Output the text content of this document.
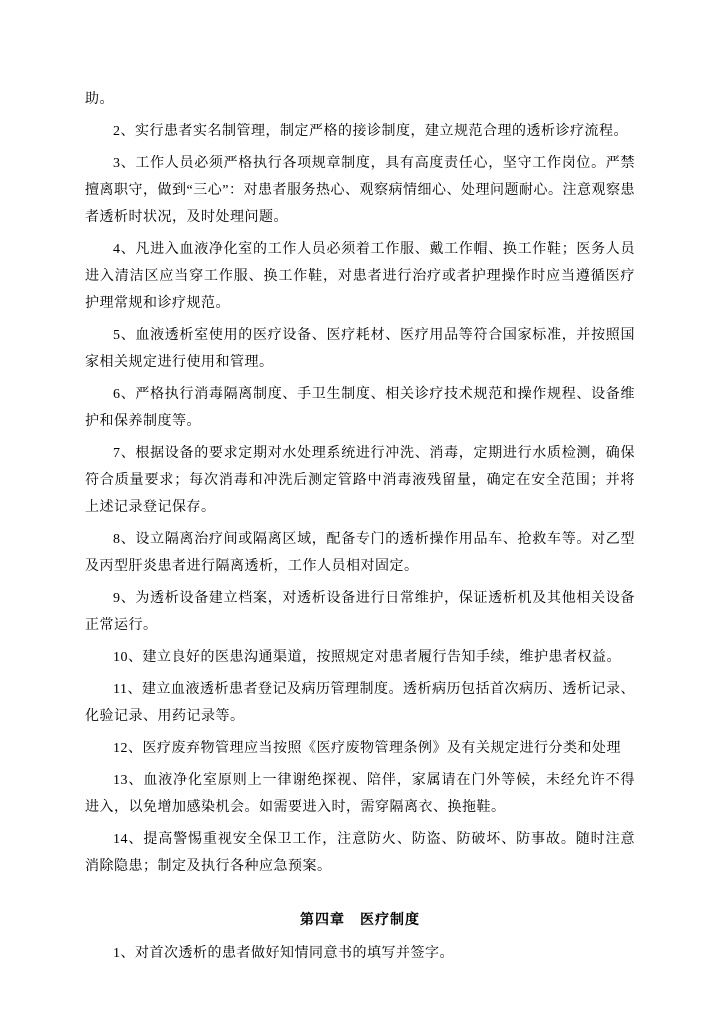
助。

2、实行患者实名制管理，制定严格的接诊制度，建立规范合理的透析诊疗流程。

3、工作人员必须严格执行各项规章制度，具有高度责任心，坚守工作岗位。严禁擅离职守，做到“三心”：对患者服务热心、观察病情细心、处理问题耐心。注意观察患者透析时状况，及时处理问题。

4、凡进入血液净化室的工作人员必须着工作服、戴工作帽、换工作鞋；医务人员进入清洁区应当穿工作服、换工作鞋，对患者进行治疗或者护理操作时应当遵循医疗护理常规和诊疗规范。

5、血液透析室使用的医疗设备、医疗耗材、医疗用品等符合国家标准，并按照国家相关规定进行使用和管理。

6、严格执行消毒隔离制度、手卫生制度、相关诊疗技术规范和操作规程、设备维护和保养制度等。

7、根据设备的要求定期对水处理系统进行冲洗、消毒，定期进行水质检测，确保符合质量要求；每次消毒和冲洗后测定管路中消毒液残留量，确定在安全范围；并将上述记录登记保存。

8、设立隔离治疗间或隔离区域，配备专门的透析操作用品车、抢救车等。对乙型及丙型肝炎患者进行隔离透析，工作人员相对固定。

9、为透析设备建立档案，对透析设备进行日常维护，保证透析机及其他相关设备正常运行。

10、建立良好的医患沟通渠道，按照规定对患者履行告知手续，维护患者权益。

11、建立血液透析患者登记及病历管理制度。透析病历包括首次病历、透析记录、化验记录、用药记录等。

12、医疗废弃物管理应当按照《医疗废物管理条例》及有关规定进行分类和处理

13、血液净化室原则上一律谢绝探视、陪伴，家属请在门外等候，未经允许不得进入，以免增加感染机会。如需要进入时，需穿隔离衣、换拖鞋。

14、提高警惕重视安全保卫工作，注意防火、防盗、防破坏、防事故。随时注意消除隐患；制定及执行各种应急预案。

第四章　医疗制度

1、对首次透析的患者做好知情同意书的填写并签字。
